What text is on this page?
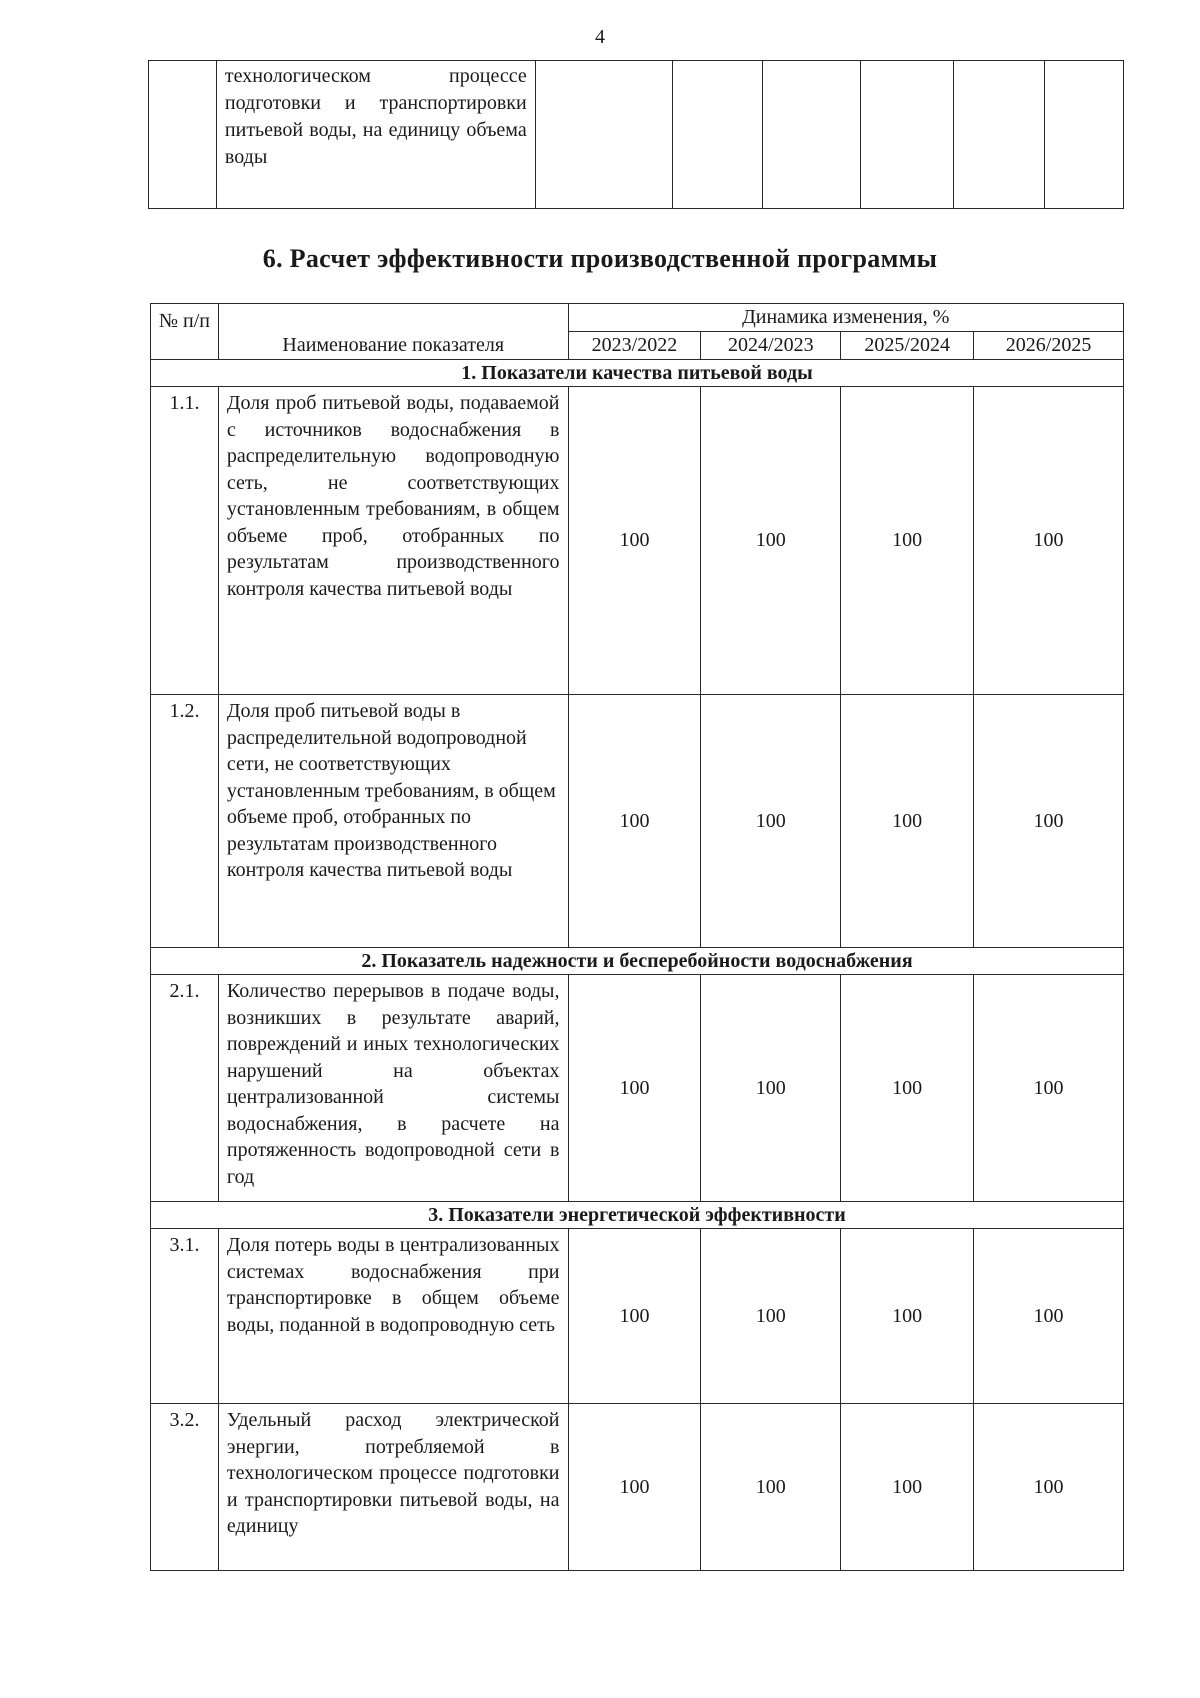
4
	технологическом процессе подготовки и транспортировки питьевой воды, на единицу объема воды						
6. Расчет эффективности производственной программы
№ п/п	Наименование показателя	Динамика изменения, %			
		2023/2022	2024/2023	2025/2024	2026/2025
1. Показатели качества питьевой воды					
1.1.	Доля проб питьевой воды, подаваемой с источников водоснабжения в распределительную водопроводную сеть, не соответствующих установленным требованиям, в общем объеме проб, отобранных по результатам производственного контроля качества питьевой воды	100	100	100	100
1.2.	Доля проб питьевой воды в распределительной водопроводной сети, не соответствующих установленным требованиям, в общем объеме проб, отобранных по результатам производственного контроля качества питьевой воды	100	100	100	100
2. Показатель надежности и бесперебойности водоснабжения					
2.1.	Количество перерывов в подаче воды, возникших в результате аварий, повреждений и иных технологических нарушений на объектах централизованной системы водоснабжения, в расчете на протяженность водопроводной сети в год	100	100	100	100
3. Показатели энергетической эффективности					
3.1.	Доля потерь воды в централизованных системах водоснабжения при транспортировке в общем объеме воды, поданной в водопроводную сеть	100	100	100	100
3.2.	Удельный расход электрической энергии, потребляемой в технологическом процессе подготовки и транспортировки питьевой воды, на единицу	100	100	100	100
